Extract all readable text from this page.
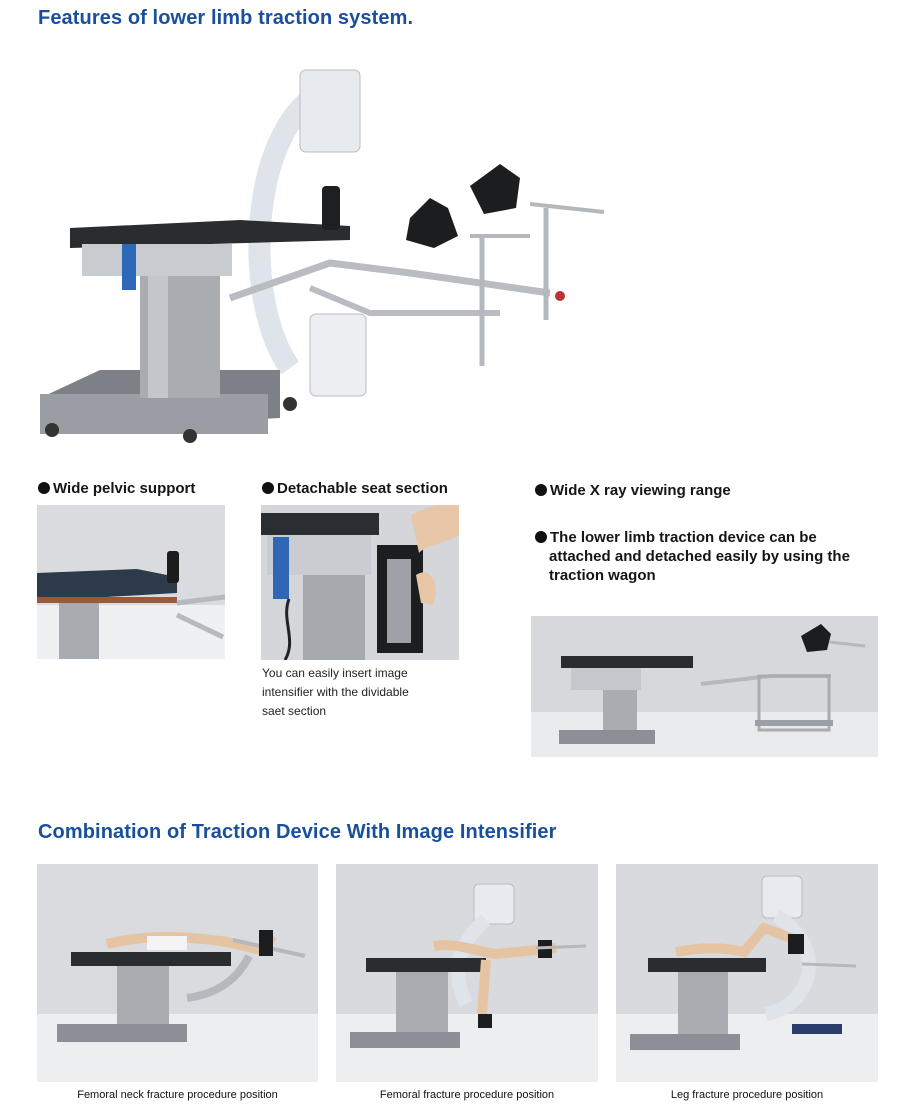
Features of lower limb traction system.
Wide pelvic support	Detachable seat section
You can easily insert image
intensifier with the dividable
saet section
Wide X ray viewing range
The lower limb traction device can be
attached and detached easily by using the
traction wagon
Combination of Traction Device With Image Intensifier
Femoral neck fracture procedure position	Femoral fracture procedure position	Leg fracture procedure position
